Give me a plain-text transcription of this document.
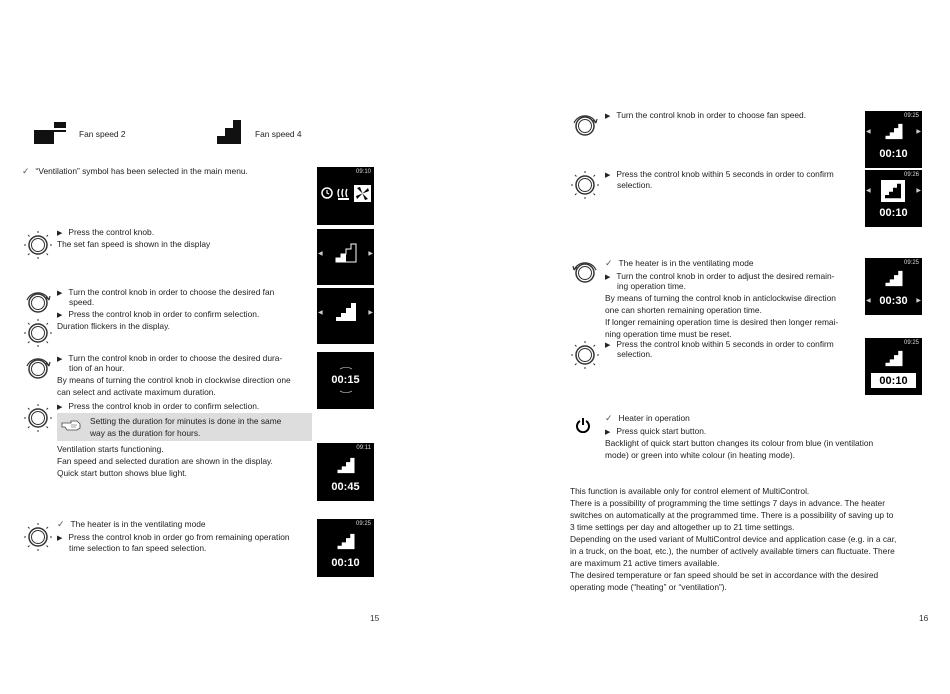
Fan speed 2	Fan speed 4
✓ “Ventilation” symbol has been selected in the main menu.	09:10
▶ Press the control knob.
The set fan speed is shown in the display
◀	▶
▶ Turn the control knob in order to choose the desired fan
speed.
▶ Press the control knob in order to confirm selection.
Duration flickers in the display.
◀	▶
▶ Turn the control knob in order to choose the desired dura-
tion of an hour.
By means of turning the control knob in clockwise direction one
can select and activate maximum duration.
00:15
▶ Press the control knob in order to confirm selection.
Setting the duration for minutes is done in the same
way as the duration for hours.
Ventilation starts functioning.
Fan speed and selected duration are shown in the display.
Quick start button shows blue light.
09:11
00:45
✓ The heater is in the ventilating mode
▶ Press the control knob in order go from remaining operation
time selection to fan speed selection.
09:25
00:10
15
▶ Turn the control knob in order to choose fan speed.	09:25
◀	▶
00:10
▶ Press the control knob within 5 seconds in order to confirm
selection.
09:26
◀	▶
00:10
✓ The heater is in the ventilating mode
▶ Turn the control knob in order to adjust the desired remain-
ing operation time.
By means of turning the control knob in anticlockwise direction
one can shorten remaining operation time.
If longer remaining operation time is desired then longer remai-
ning operation time must be reset.
09:25
◀	▶
00:30
▶ Press the control knob within 5 seconds in order to confirm
selection.
09:25
00:10
✓ Heater in operation
▶ Press quick start button.
Backlight of quick start button changes its colour from blue (in ventilation
mode) or green into white colour (in heating mode).
This function is available only for control element of MultiControl.
There is a possibility of programming the time settings 7 days in advance. The heater
switches on automatically at the programmed time. There is a possibility of saving up to
3 time settings per day and altogether up to 21 time settings.
Depending on the used variant of MultiControl device and application case (e.g. in a car,
in a truck, on the boat, etc.), the number of actively available timers can fluctuate. There
are maximum 21 active timers available.
The desired temperature or fan speed should be set in accordance with the desired
operating mode (“heating” or “ventilation”).
16
